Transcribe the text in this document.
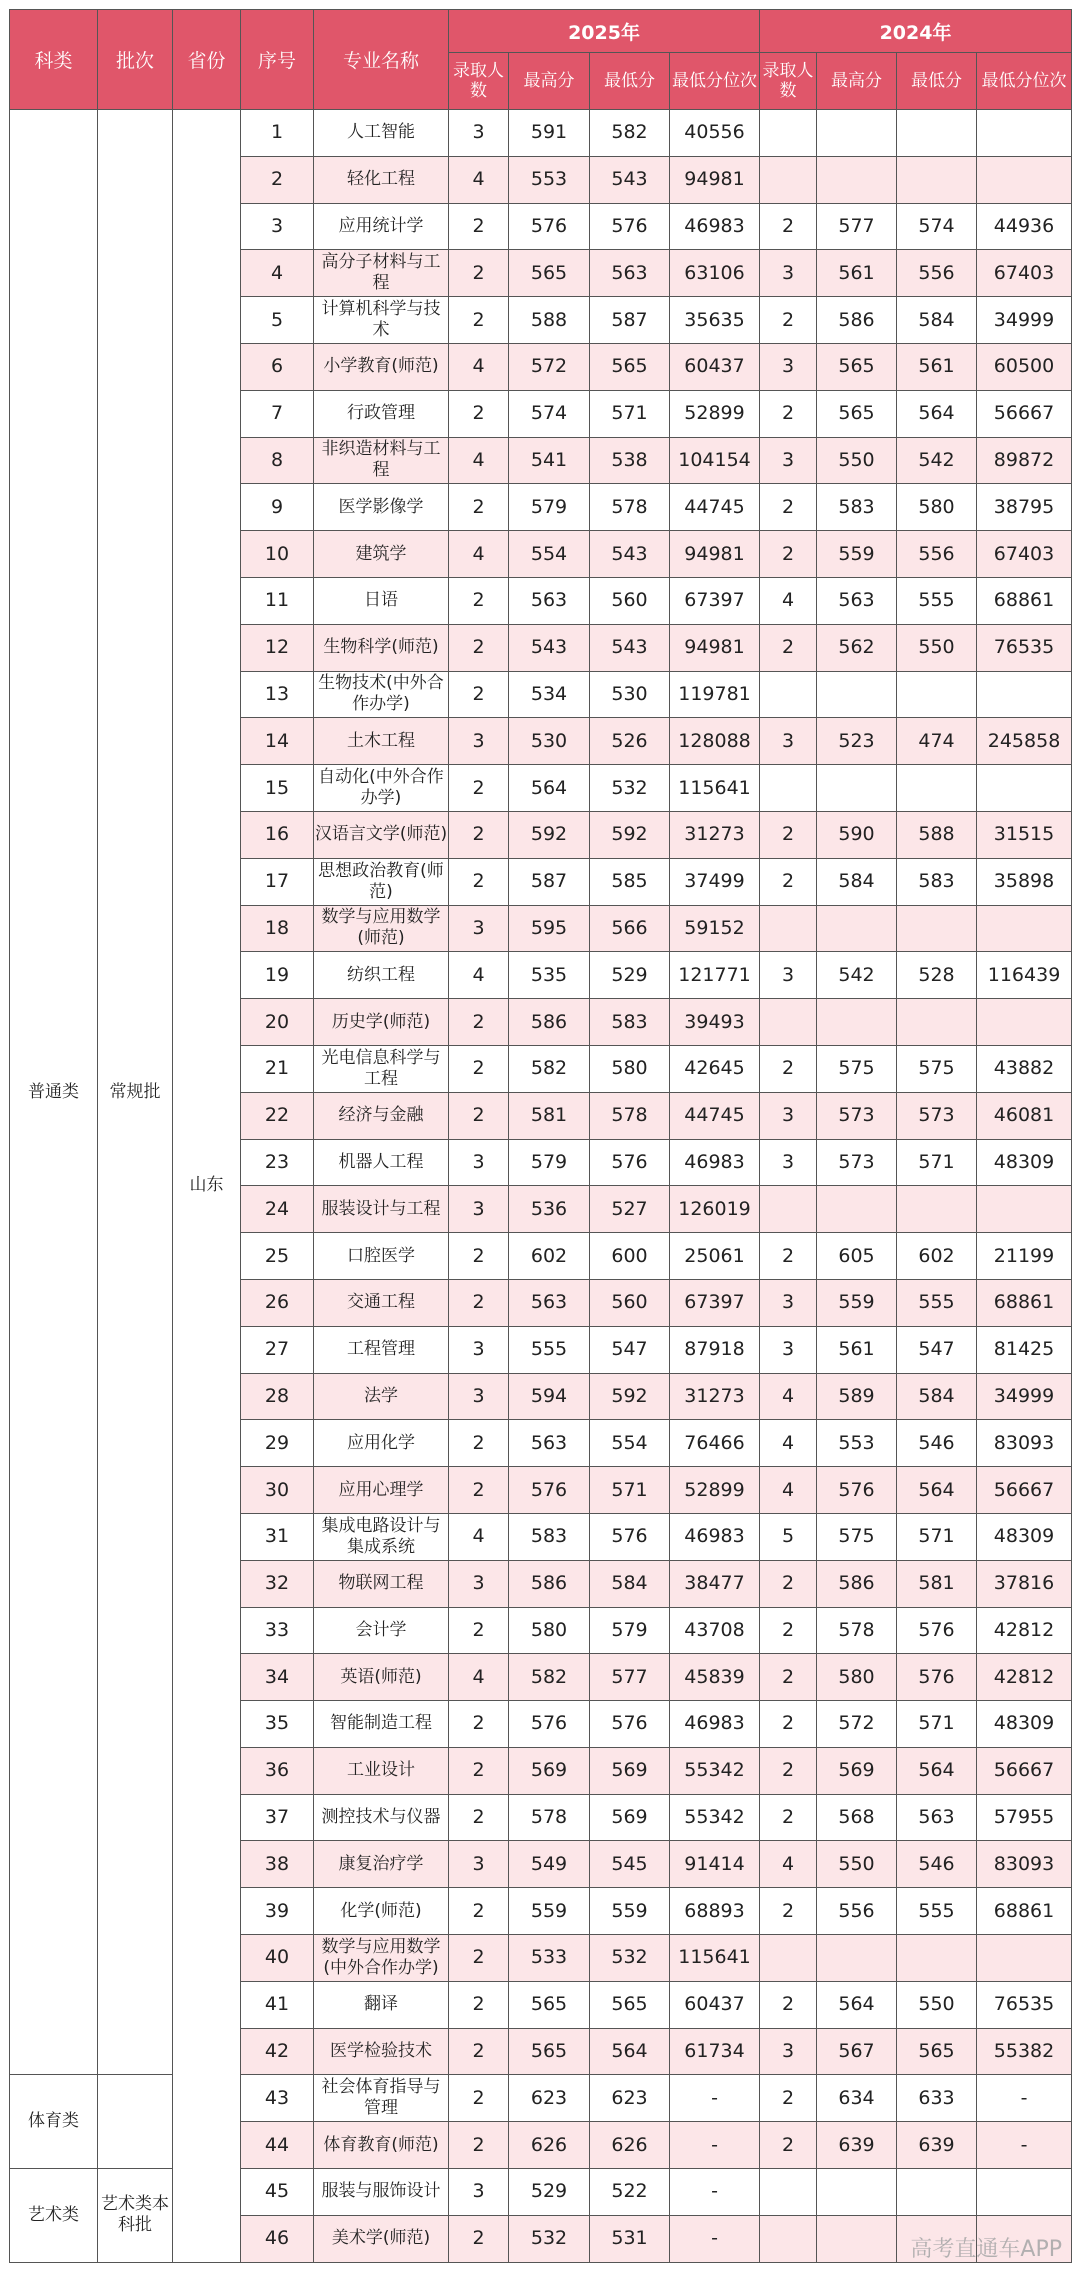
科类	批次	省份	序号	专业名称	2025年				2024年			
					录取人数	最高分	最低分	最低分位次	录取人数	最高分	最低分	最低分位次
普通类	常规批	山东	1	人工智能	3	591	582	40556				
			2	轻化工程	4	553	543	94981				
			3	应用统计学	2	576	576	46983	2	577	574	44936
			4	高分子材料与工程	2	565	563	63106	3	561	556	67403
			5	计算机科学与技术	2	588	587	35635	2	586	584	34999
			6	小学教育(师范)	4	572	565	60437	3	565	561	60500
			7	行政管理	2	574	571	52899	2	565	564	56667
			8	非织造材料与工程	4	541	538	104154	3	550	542	89872
			9	医学影像学	2	579	578	44745	2	583	580	38795
			10	建筑学	4	554	543	94981	2	559	556	67403
			11	日语	2	563	560	67397	4	563	555	68861
			12	生物科学(师范)	2	543	543	94981	2	562	550	76535
			13	生物技术(中外合作办学)	2	534	530	119781				
			14	土木工程	3	530	526	128088	3	523	474	245858
			15	自动化(中外合作办学)	2	564	532	115641				
			16	汉语言文学(师范)	2	592	592	31273	2	590	588	31515
			17	思想政治教育(师范)	2	587	585	37499	2	584	583	35898
			18	数学与应用数学(师范)	3	595	566	59152				
			19	纺织工程	4	535	529	121771	3	542	528	116439
			20	历史学(师范)	2	586	583	39493				
			21	光电信息科学与工程	2	582	580	42645	2	575	575	43882
			22	经济与金融	2	581	578	44745	3	573	573	46081
			23	机器人工程	3	579	576	46983	3	573	571	48309
			24	服装设计与工程	3	536	527	126019				
			25	口腔医学	2	602	600	25061	2	605	602	21199
			26	交通工程	2	563	560	67397	3	559	555	68861
			27	工程管理	3	555	547	87918	3	561	547	81425
			28	法学	3	594	592	31273	4	589	584	34999
			29	应用化学	2	563	554	76466	4	553	546	83093
			30	应用心理学	2	576	571	52899	4	576	564	56667
			31	集成电路设计与集成系统	4	583	576	46983	5	575	571	48309
			32	物联网工程	3	586	584	38477	2	586	581	37816
			33	会计学	2	580	579	43708	2	578	576	42812
			34	英语(师范)	4	582	577	45839	2	580	576	42812
			35	智能制造工程	2	576	576	46983	2	572	571	48309
			36	工业设计	2	569	569	55342	2	569	564	56667
			37	测控技术与仪器	2	578	569	55342	2	568	563	57955
			38	康复治疗学	3	549	545	91414	4	550	546	83093
			39	化学(师范)	2	559	559	68893	2	556	555	68861
			40	数学与应用数学(中外合作办学)	2	533	532	115641				
			41	翻译	2	565	565	60437	2	564	550	76535
			42	医学检验技术	2	565	564	61734	3	567	565	55382
体育类			43	社会体育指导与管理	2	623	623	-	2	634	633	-
			44	体育教育(师范)	2	626	626	-	2	639	639	-
艺术类	艺术类本科批		45	服装与服饰设计	3	529	522	-				
			46	美术学(师范)	2	532	531	-					高考直通车APP
